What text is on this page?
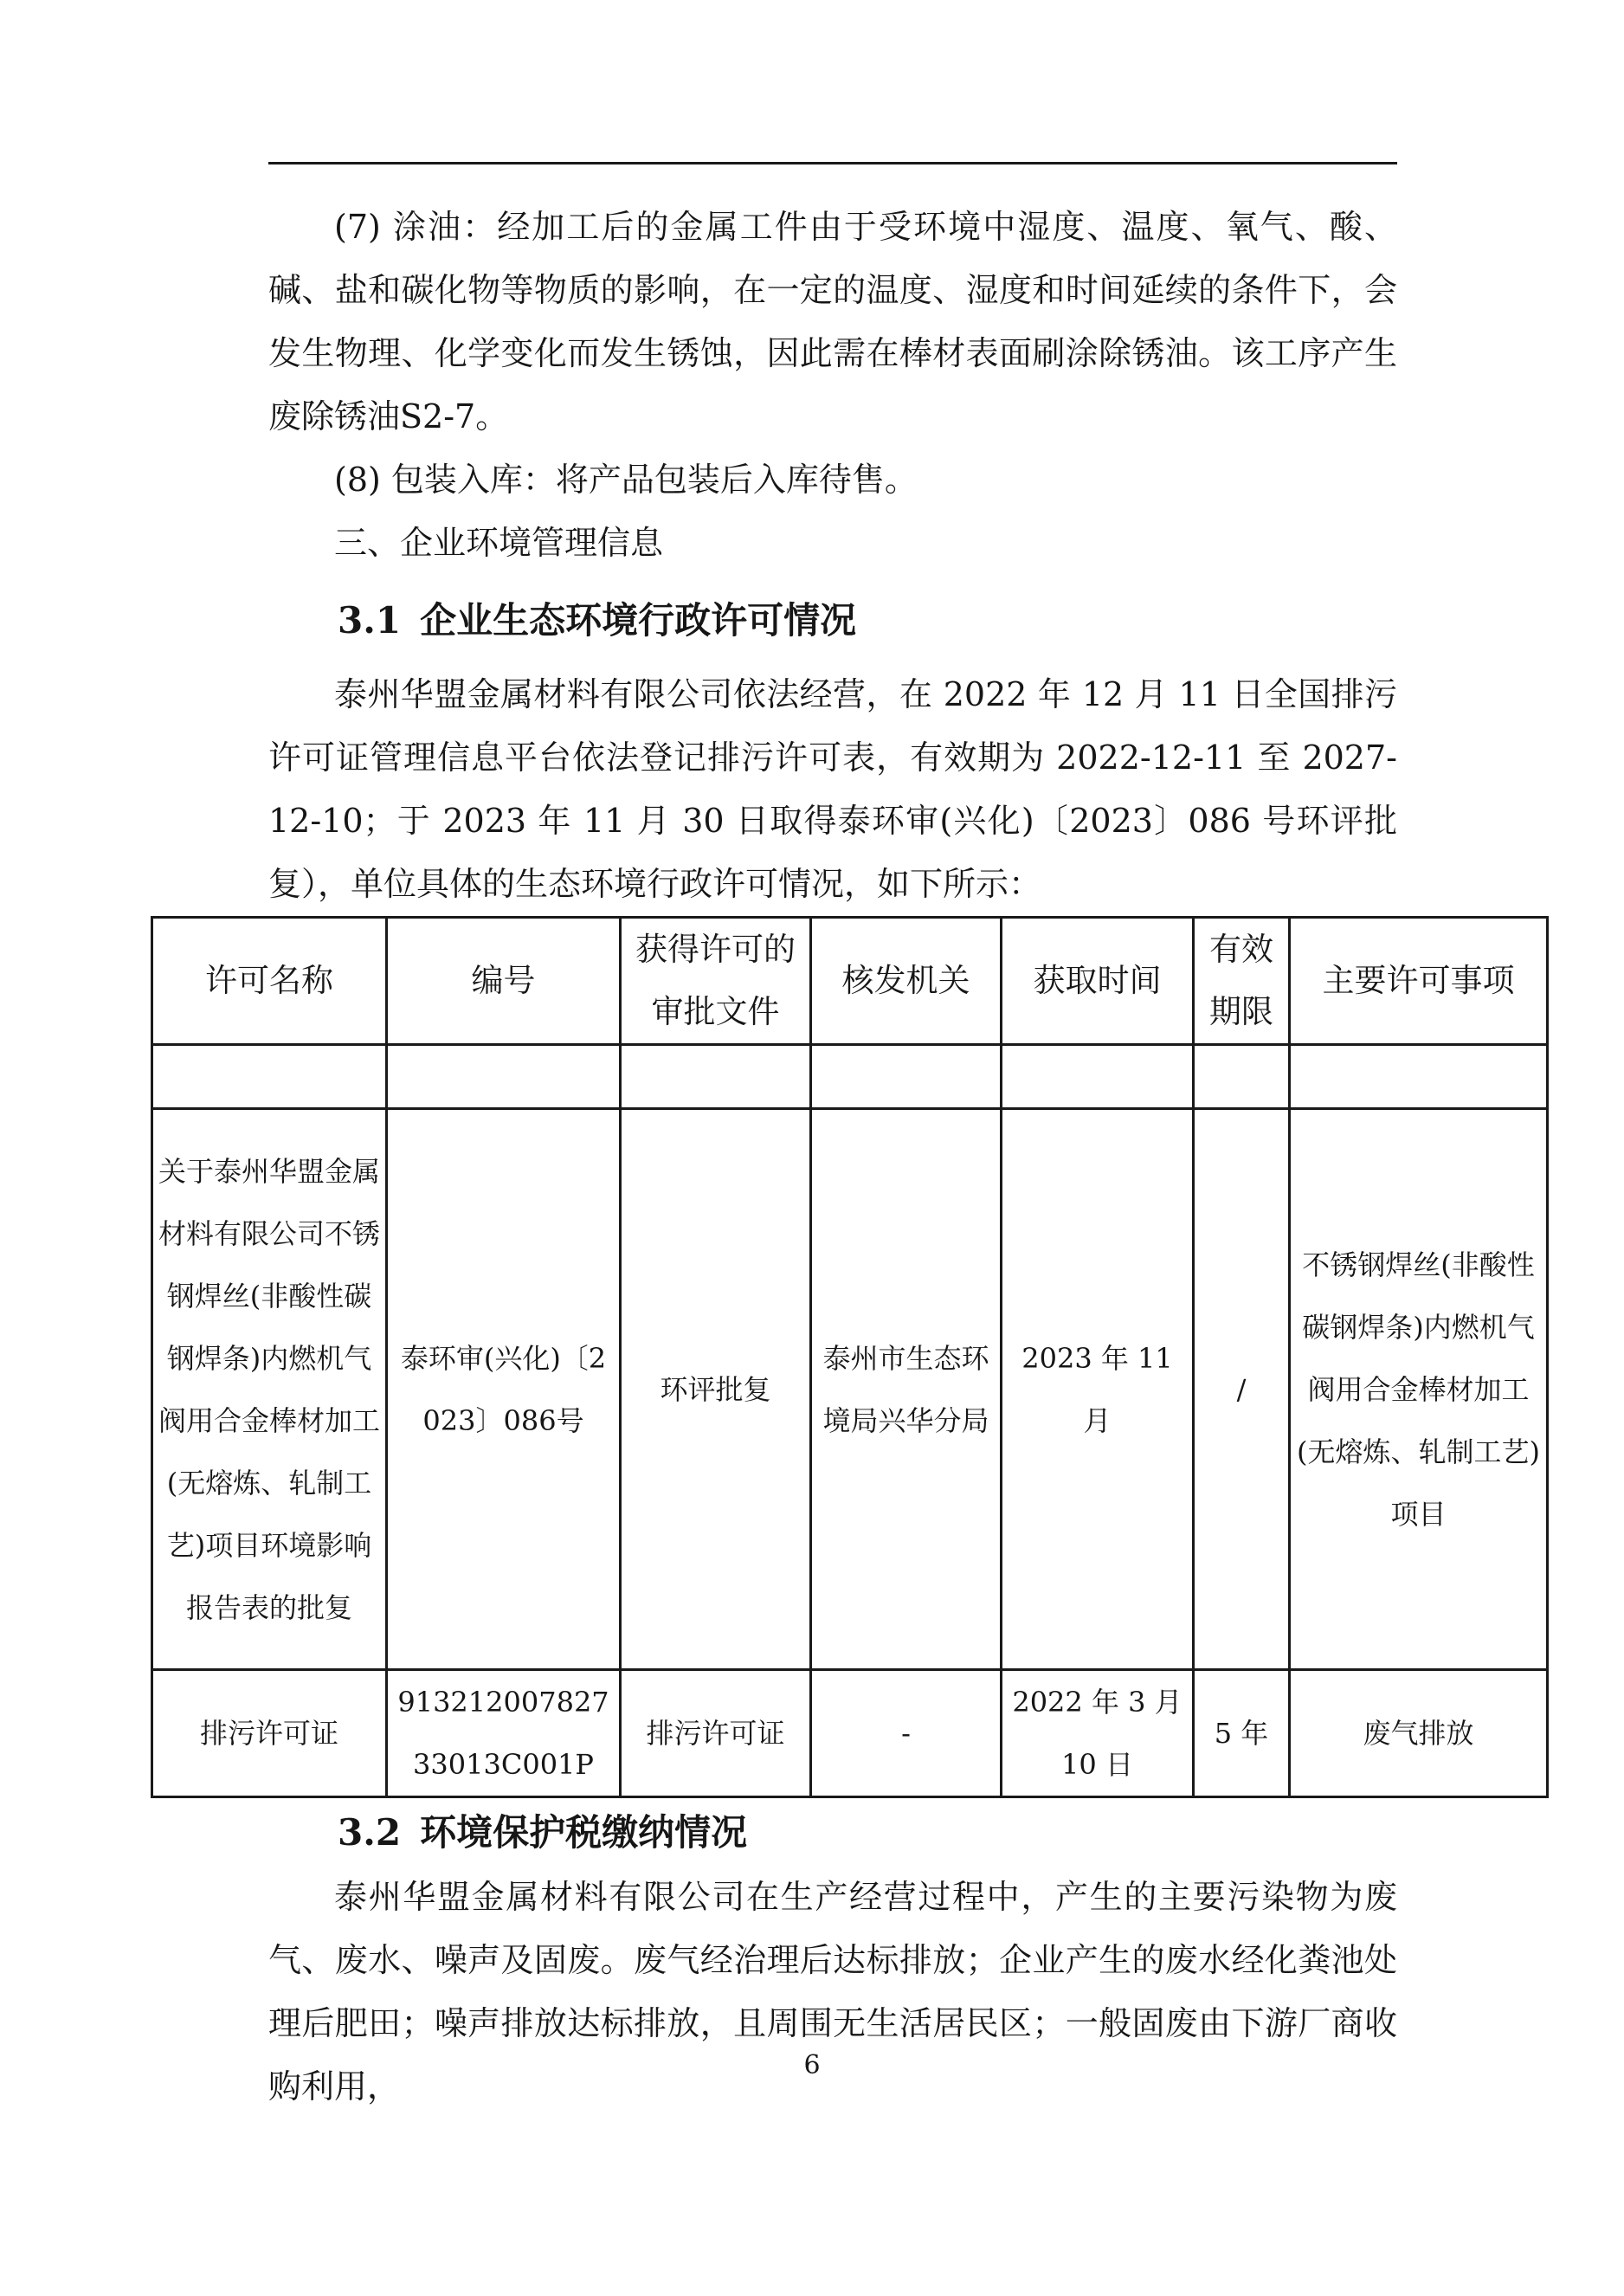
(7) 涂油：经加工后的金属工件由于受环境中湿度、温度、氧气、酸、碱、盐和碳化物等物质的影响，在一定的温度、湿度和时间延续的条件下，会发生物理、化学变化而发生锈蚀，因此需在棒材表面刷涂除锈油。该工序产生废除锈油S2-7。

(8) 包装入库：将产品包装后入库待售。

三、企业环境管理信息

3.1 企业生态环境行政许可情况

泰州华盟金属材料有限公司依法经营，在 2022 年 12 月 11 日全国排污许可证管理信息平台依法登记排污许可表，有效期为 2022-12-11 至 2027-12-10；于 2023 年 11 月 30 日取得泰环审(兴化)〔2023〕086 号环评批复），单位具体的生态环境行政许可情况，如下所示：

许可名称	编号	获得许可的审批文件	核发机关	获取时间	有效期限	主要许可事项

关于泰州华盟金属材料有限公司不锈钢焊丝(非酸性碳钢焊条)内燃机气阀用合金棒材加工(无熔炼、轧制工艺)项目环境影响报告表的批复	泰环审(兴化)〔2023〕086号	环评批复	泰州市生态环境局兴华分局	2023 年 11 月	/	不锈钢焊丝(非酸性碳钢焊条)内燃机气阀用合金棒材加工(无熔炼、轧制工艺)项目
排污许可证	91321200782733013C001P	排污许可证	-	2022 年 3 月 10 日	5 年	废气排放
3.2 环境保护税缴纳情况

泰州华盟金属材料有限公司在生产经营过程中，产生的主要污染物为废气、废水、噪声及固废。废气经治理后达标排放；企业产生的废水经化粪池处理后肥田；噪声排放达标排放，且周围无生活居民区；一般固废由下游厂商收购利用，

6
